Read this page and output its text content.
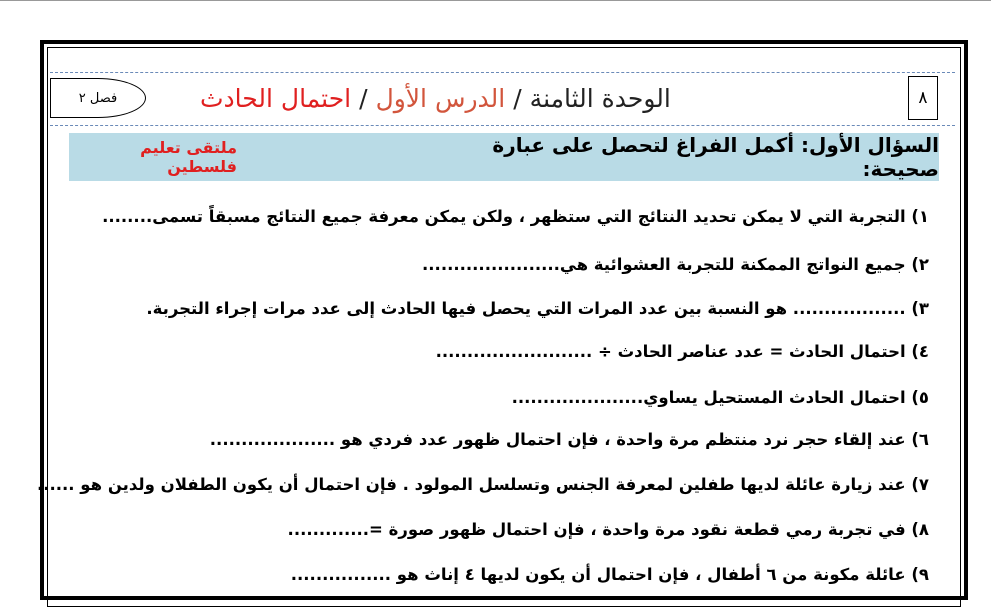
٨
الوحدة الثامنة
/
الدرس الأول
/
احتمال الحادث
فصل ٢
السؤال الأول: أكمل الفراغ لتحصل على عبارة صحيحة:
ملتقى تعليم فلسطين
١) التجربة التي لا يمكن تحديد النتائج التي ستظهر ، ولكن يمكن معرفة جميع النتائج مسبقاً تسمى........
٢) جميع النواتج الممكنة للتجربة العشوائية هي......................
٣) .................. هو النسبة بين عدد المرات التي يحصل فيها الحادث إلى عدد مرات إجراء التجربة.
٤) احتمال الحادث = عدد عناصر الحادث ÷ .........................
٥) احتمال الحادث المستحيل يساوي.....................
٦) عند إلقاء حجر نرد منتظم مرة واحدة ، فإن احتمال ظهور عدد فردي هو ....................
٧) عند زيارة عائلة لديها طفلين لمعرفة الجنس وتسلسل المولود . فإن احتمال أن يكون الطفلان ولدين هو ......
٨) في تجربة رمي قطعة نقود مرة واحدة ، فإن احتمال ظهور صورة =.............
٩) عائلة مكونة من ٦ أطفال ، فإن احتمال أن يكون لديها ٤ إناث هو ................
